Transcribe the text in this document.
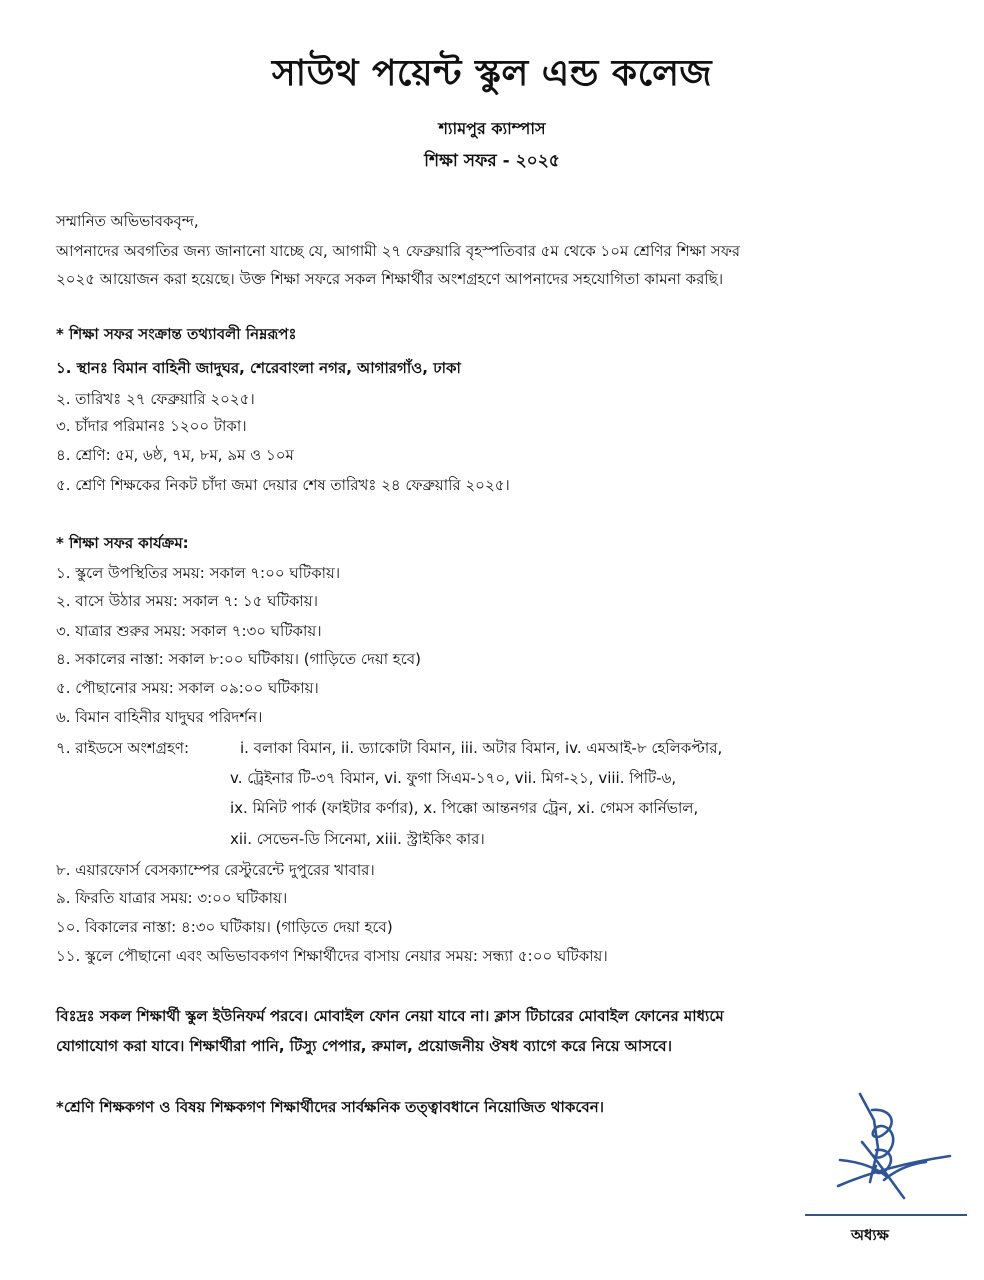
সাউথ পয়েন্ট স্কুল এন্ড কলেজ
শ্যামপুর ক্যাম্পাস
শিক্ষা সফর - ২০২৫
সম্মানিত অভিভাবকবৃন্দ,
আপনাদের অবগতির জন্য জানানো যাচ্ছে যে, আগামী ২৭ ফেব্রুয়ারি বৃহস্পতিবার ৫ম থেকে ১০ম শ্রেণির শিক্ষা সফর
২০২৫ আয়োজন করা হয়েছে। উক্ত শিক্ষা সফরে সকল শিক্ষার্থীর অংশগ্রহণে আপনাদের সহযোগিতা কামনা করছি।
* শিক্ষা সফর সংক্রান্ত তথ্যাবলী নিম্নরূপঃ
১. স্থানঃ বিমান বাহিনী জাদুঘর, শেরেবাংলা নগর, আগারগাঁও, ঢাকা
২. তারিখঃ ২৭ ফেব্রুয়ারি ২০২৫।
৩. চাঁদার পরিমানঃ ১২০০ টাকা।
৪. শ্রেণি: ৫ম, ৬ষ্ঠ, ৭ম, ৮ম, ৯ম ও ১০ম
৫. শ্রেণি শিক্ষকের নিকট চাঁদা জমা দেয়ার শেষ তারিখঃ ২৪ ফেব্রুয়ারি ২০২৫।
* শিক্ষা সফর কার্যক্রম:
১. স্কুলে উপস্থিতির সময়: সকাল ৭:০০ ঘটিকায়।
২. বাসে উঠার সময়: সকাল ৭: ১৫ ঘটিকায়।
৩. যাত্রার শুরুর সময়: সকাল ৭:৩০ ঘটিকায়।
৪. সকালের নাস্তা: সকাল ৮:০০ ঘটিকায়। (গাড়িতে দেয়া হবে)
৫. পৌছানোর সময়: সকাল ০৯:০০ ঘটিকায়।
৬. বিমান বাহিনীর যাদুঘর পরিদর্শন।
৭. রাইডসে অংশগ্রহণ:	i. বলাকা বিমান, ii. ড্যাকোটা বিমান, iii. অটার বিমান, iv. এমআই-৮ হেলিকপ্টার,
v. ট্রেইনার টি-৩৭ বিমান, vi. ফুগা সিএম-১৭০, vii. মিগ-২১, viii. পিটি-৬,
ix. মিনিট পার্ক (ফাইটার কর্ণার), x. পিক্কো আন্তনগর ট্রেন, xi. গেমস কার্নিভাল,
xii. সেভেন-ডি সিনেমা, xiii. স্ট্রাইকিং কার।
৮. এয়ারফোর্স বেসক্যাম্পের রেস্টুরেন্টে দুপুরের খাবার।
৯. ফিরতি যাত্রার সময়: ৩:০০ ঘটিকায়।
১০. বিকালের নাস্তা: ৪:৩০ ঘটিকায়। (গাড়িতে দেয়া হবে)
১১. স্কুলে পৌছানো এবং অভিভাবকগণ শিক্ষার্থীদের বাসায় নেয়ার সময়: সন্ধ্যা ৫:০০ ঘটিকায়।
বিঃদ্রঃ সকল শিক্ষার্থী স্কুল ইউনিফর্ম পরবে। মোবাইল ফোন নেয়া যাবে না। ক্লাস টিচারের মোবাইল ফোনের মাধ্যমে
যোগাযোগ করা যাবে। শিক্ষার্থীরা পানি, টিস্যু পেপার, রুমাল, প্রয়োজনীয় ঔষধ ব্যাগে করে নিয়ে আসবে।
*শ্রেণি শিক্ষকগণ ও বিষয় শিক্ষকগণ শিক্ষার্থীদের সার্বক্ষনিক তত্ত্বাবধানে নিয়োজিত থাকবেন।
অধ্যক্ষ
